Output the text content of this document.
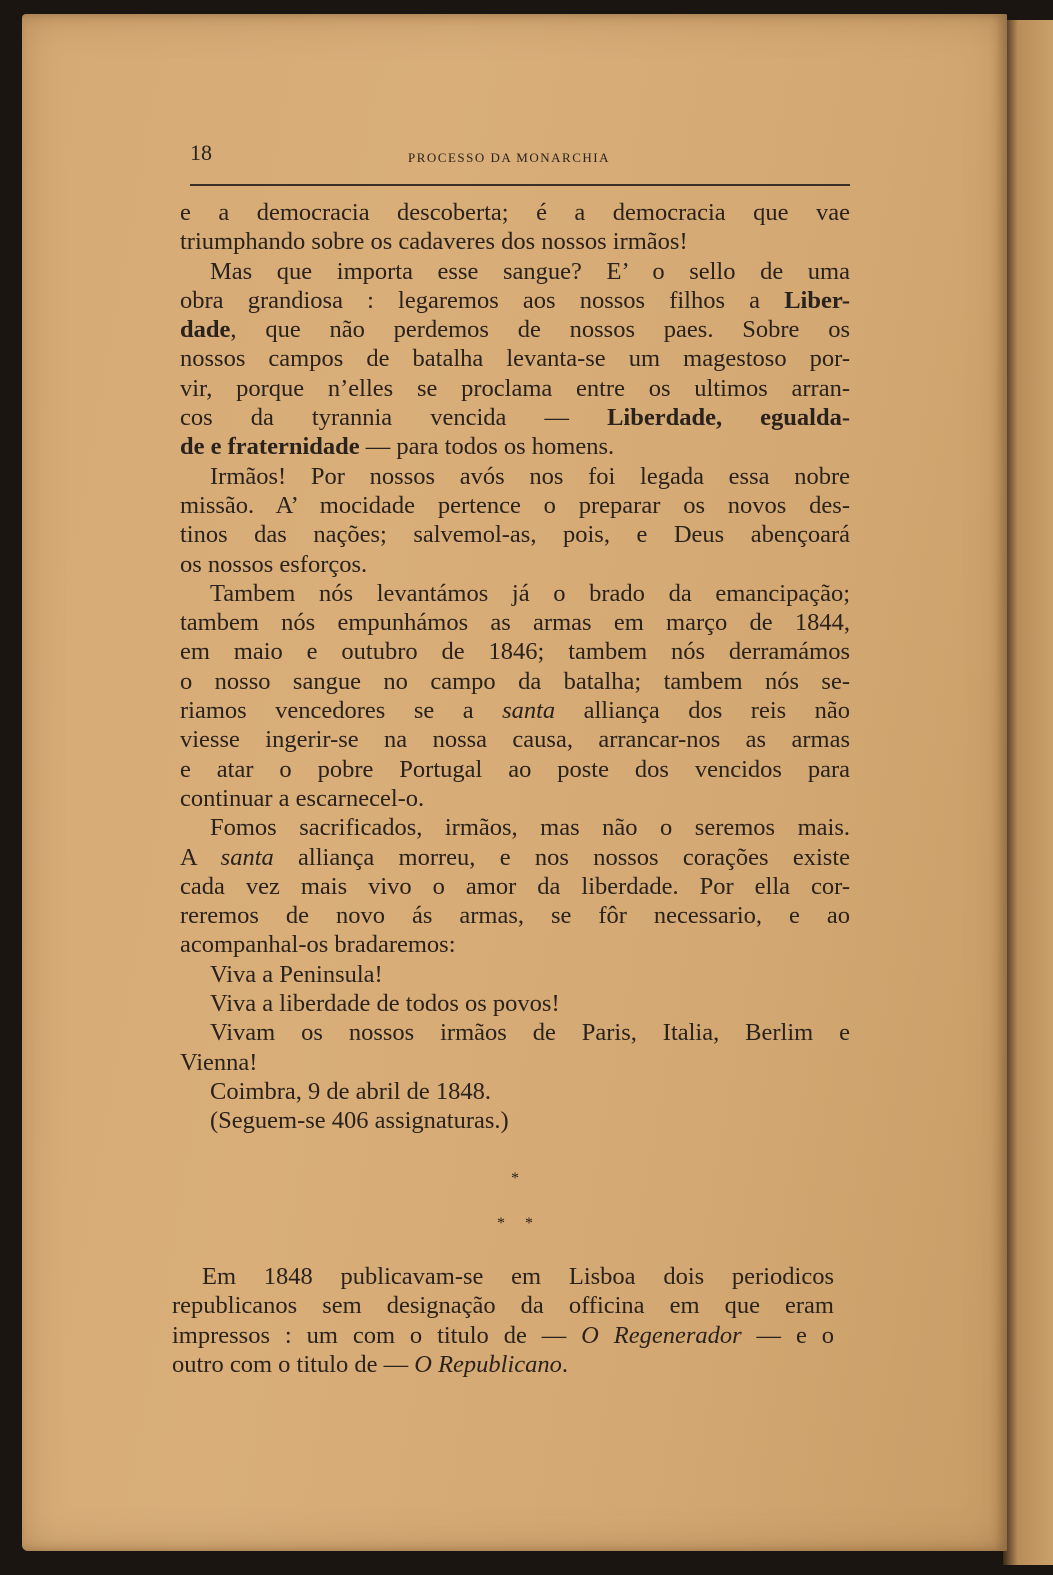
18	PROCESSO DA MONARCHIA

e a democracia descoberta; é a democracia que vae

triumphando sobre os cadaveres dos nossos irmãos!

Mas que importa esse sangue? E’ o sello de uma

obra grandiosa : legaremos aos nossos filhos a Liber-

dade, que não perdemos de nossos paes. Sobre os

nossos campos de batalha levanta-se um magestoso por-

vir, porque n’elles se proclama entre os ultimos arran-

cos da tyrannia vencida — Liberdade, egualda-

de e fraternidade — para todos os homens.

Irmãos! Por nossos avós nos foi legada essa nobre

missão. A’ mocidade pertence o preparar os novos des-

tinos das nações; salvemol-as, pois, e Deus abençoará

os nossos esforços.

Tambem nós levantámos já o brado da emancipação;

tambem nós empunhámos as armas em março de 1844,

em maio e outubro de 1846; tambem nós derramámos

o nosso sangue no campo da batalha; tambem nós se-

riamos vencedores se a santa alliança dos reis não

viesse ingerir-se na nossa causa, arrancar-nos as armas

e atar o pobre Portugal ao poste dos vencidos para

continuar a escarnecel-o.

Fomos sacrificados, irmãos, mas não o seremos mais.

A santa alliança morreu, e nos nossos corações existe

cada vez mais vivo o amor da liberdade. Por ella cor-

reremos de novo ás armas, se fôr necessario, e ao

acompanhal-os bradaremos:

Viva a Peninsula!

Viva a liberdade de todos os povos!

Vivam os nossos irmãos de Paris, Italia, Berlim e

Vienna!

Coimbra, 9 de abril de 1848.

(Seguem-se 406 assignaturas.)

*
*     *

Em 1848 publicavam-se em Lisboa dois periodicos

republicanos sem designação da officina em que eram

impressos : um com o titulo de — O Regenerador — e o

outro com o titulo de — O Republicano.
